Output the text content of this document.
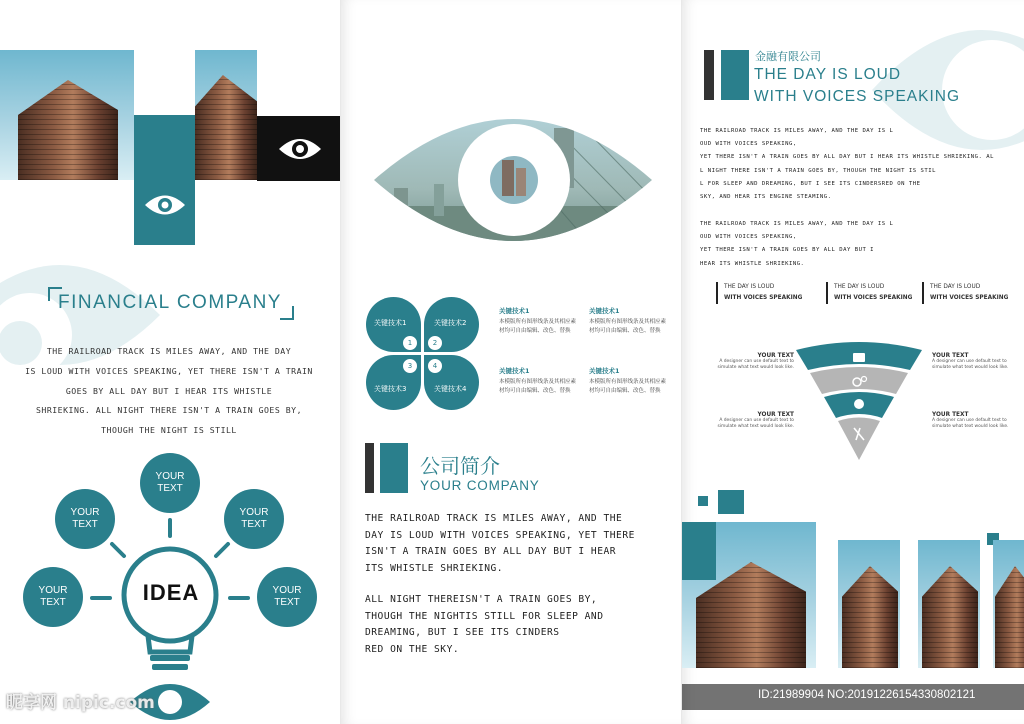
FINANCIAL COMPANY
THE RAILROAD TRACK IS MILES AWAY, AND THE DAY
IS LOUD WITH VOICES SPEAKING, YET THERE ISN'T A TRAIN
GOES BY ALL DAY BUT I HEAR ITS WHISTLE
SHRIEKING. ALL NIGHT THERE ISN'T A TRAIN GOES BY,
THOUGH THE NIGHT IS STILL
IDEA
YOUR
TEXT
YOUR
TEXT
YOUR
TEXT
YOUR
TEXT
YOUR
TEXT
昵享网 nipic.com
关键技术1	关键技术2
关键技术3	关键技术4
1	2
3	4
关键技术1
本模版所有图形线条及其相应素材均可自由编辑、改色、替换
关键技术1
本模版所有图形线条及其相应素材均可自由编辑、改色、替换
关键技术1
本模版所有图形线条及其相应素材均可自由编辑、改色、替换
关键技术1
本模版所有图形线条及其相应素材均可自由编辑、改色、替换
公司简介
YOUR COMPANY
THE RAILROAD TRACK IS MILES AWAY, AND THE
DAY IS LOUD WITH VOICES SPEAKING, YET THERE
ISN'T A TRAIN GOES BY ALL DAY BUT I HEAR
ITS WHISTLE SHRIEKING.
ALL NIGHT THEREISN'T A TRAIN GOES BY,
THOUGH THE NIGHTIS STILL FOR SLEEP AND
DREAMING, BUT I SEE ITS CINDERS
RED ON THE SKY.
金融有限公司
THE DAY IS LOUD
WITH VOICES SPEAKING
THE RAILROAD TRACK IS MILES AWAY, AND THE DAY IS L
OUD WITH VOICES SPEAKING,
YET THERE ISN'T A TRAIN GOES BY ALL DAY BUT I HEAR ITS WHISTLE SHRIEKING. AL
L NIGHT THERE ISN'T A TRAIN GOES BY, THOUGH THE NIGHT IS STIL
L FOR SLEEP AND DREAMING, BUT I SEE ITS CINDERSRED ON THE
SKY, AND HEAR ITS ENGINE STEAMING.
THE RAILROAD TRACK IS MILES AWAY, AND THE DAY IS L
OUD WITH VOICES SPEAKING,
YET THERE ISN'T A TRAIN GOES BY ALL DAY BUT I
HEAR ITS WHISTLE SHRIEKING.
THE DAY IS LOUD
WITH VOICES SPEAKING
THE DAY IS LOUD
WITH VOICES SPEAKING
THE DAY IS LOUD
WITH VOICES SPEAKING
YOUR TEXT
A designer can use default text to simulate what text would look like.
YOUR TEXT
A designer can use default text to simulate what text would look like.
YOUR TEXT
A designer can use default text to simulate what text would look like.
YOUR TEXT
A designer can use default text to simulate what text would look like.
ID:21989904 NO:20191226154330802121
